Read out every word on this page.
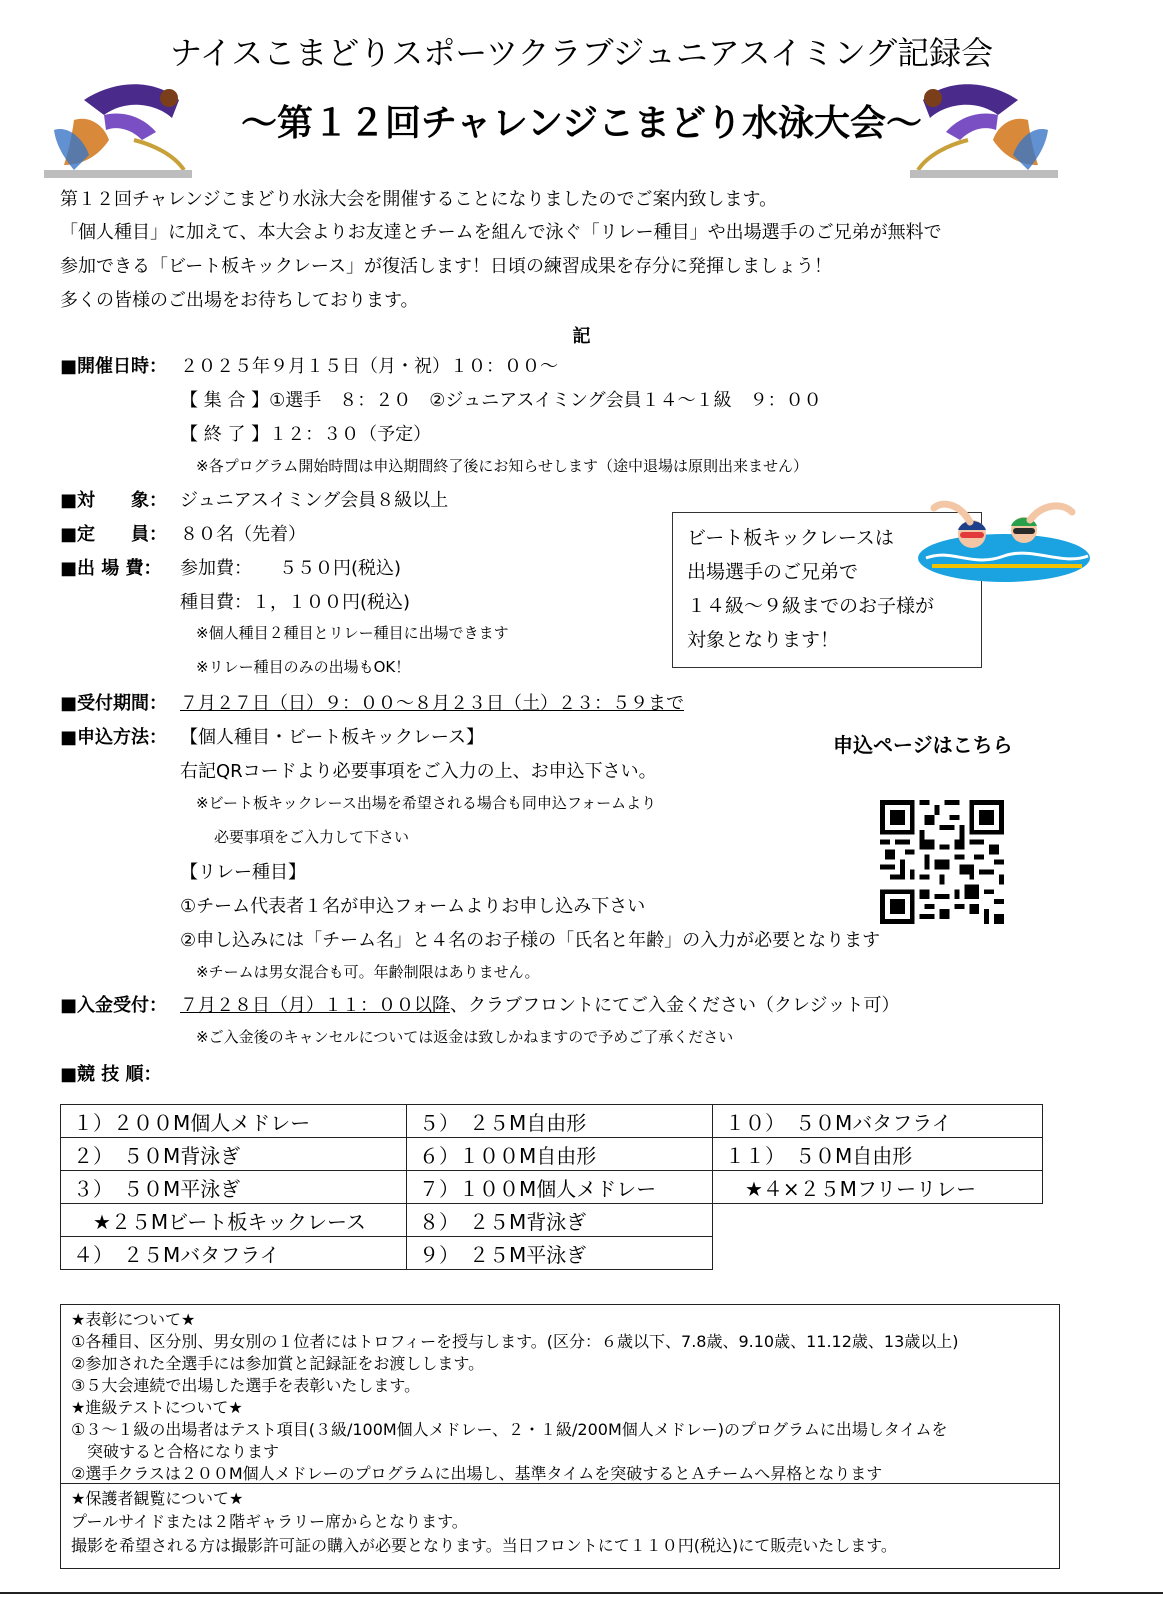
ナイスこまどりスポーツクラブジュニアスイミング記録会
～第１２回チャレンジこまどり水泳大会～
第１２回チャレンジこまどり水泳大会を開催することになりましたのでご案内致します。
「個人種目」に加えて、本大会よりお友達とチームを組んで泳ぐ「リレー種目」や出場選手のご兄弟が無料で
参加できる「ビート板キックレース」が復活します！日頃の練習成果を存分に発揮しましょう！
多くの皆様のご出場をお待ちしております。
記
■開催日時： ２０２５年９月１５日（月・祝）１０：００～
【 集 合 】①選手　８：２０　②ジュニアスイミング会員１４～１級　９：００
【 終 了 】１２：３０（予定）
※各プログラム開始時間は申込期間終了後にお知らせします（途中退場は原則出来ません）
■対　　象： ジュニアスイミング会員８級以上
■定　　員： ８０名（先着）
■出 場 費： 参加費：　　５５０円(税込)
種目費：１，１００円(税込)
※個人種目２種目とリレー種目に出場できます
※リレー種目のみの出場もOK！
ビート板キックレースは
出場選手のご兄弟で
１４級～９級までのお子様が
対象となります！
■受付期間： ７月２７日（日）９：００～８月２３日（土）２３：５９まで
■申込方法： 【個人種目・ビート板キックレース】
右記QRコードより必要事項をご入力の上、お申込下さい。
※ビート板キックレース出場を希望される場合も同申込フォームより
必要事項をご入力して下さい
【リレー種目】
①チーム代表者１名が申込フォームよりお申し込み下さい
②申し込みには「チーム名」と４名のお子様の「氏名と年齢」の入力が必要となります
※チームは男女混合も可。年齢制限はありません。
申込ページはこちら
■入金受付： ７月２８日（月）１１：００以降、クラブフロントにてご入金ください（クレジット可）
※ご入金後のキャンセルについては返金は致しかねますので予めご了承ください
■競 技 順：
１）２００M個人メドレー	５）　２５M自由形	１０）　５０Mバタフライ
２）　５０M背泳ぎ	６）１００M自由形	１１）　５０M自由形
３）　５０M平泳ぎ	７）１００M個人メドレー	　★４×２５Mフリーリレー
　★２５Mビート板キックレース	８）　２５M背泳ぎ	
４）　２５Mバタフライ	９）　２５M平泳ぎ	
★表彰について★
①各種目、区分別、男女別の１位者にはトロフィーを授与します。(区分：６歳以下、7.8歳、9.10歳、11.12歳、13歳以上)
②参加された全選手には参加賞と記録証をお渡しします。
③５大会連続で出場した選手を表彰いたします。
★進級テストについて★
①３～１級の出場者はテスト項目(３級/100M個人メドレー、２・１級/200M個人メドレー)のプログラムに出場しタイムを
　突破すると合格になります
②選手クラスは２００M個人メドレーのプログラムに出場し、基準タイムを突破するとＡチームへ昇格となります
★保護者観覧について★
プールサイドまたは２階ギャラリー席からとなります。
撮影を希望される方は撮影許可証の購入が必要となります。当日フロントにて１１０円(税込)にて販売いたします。
